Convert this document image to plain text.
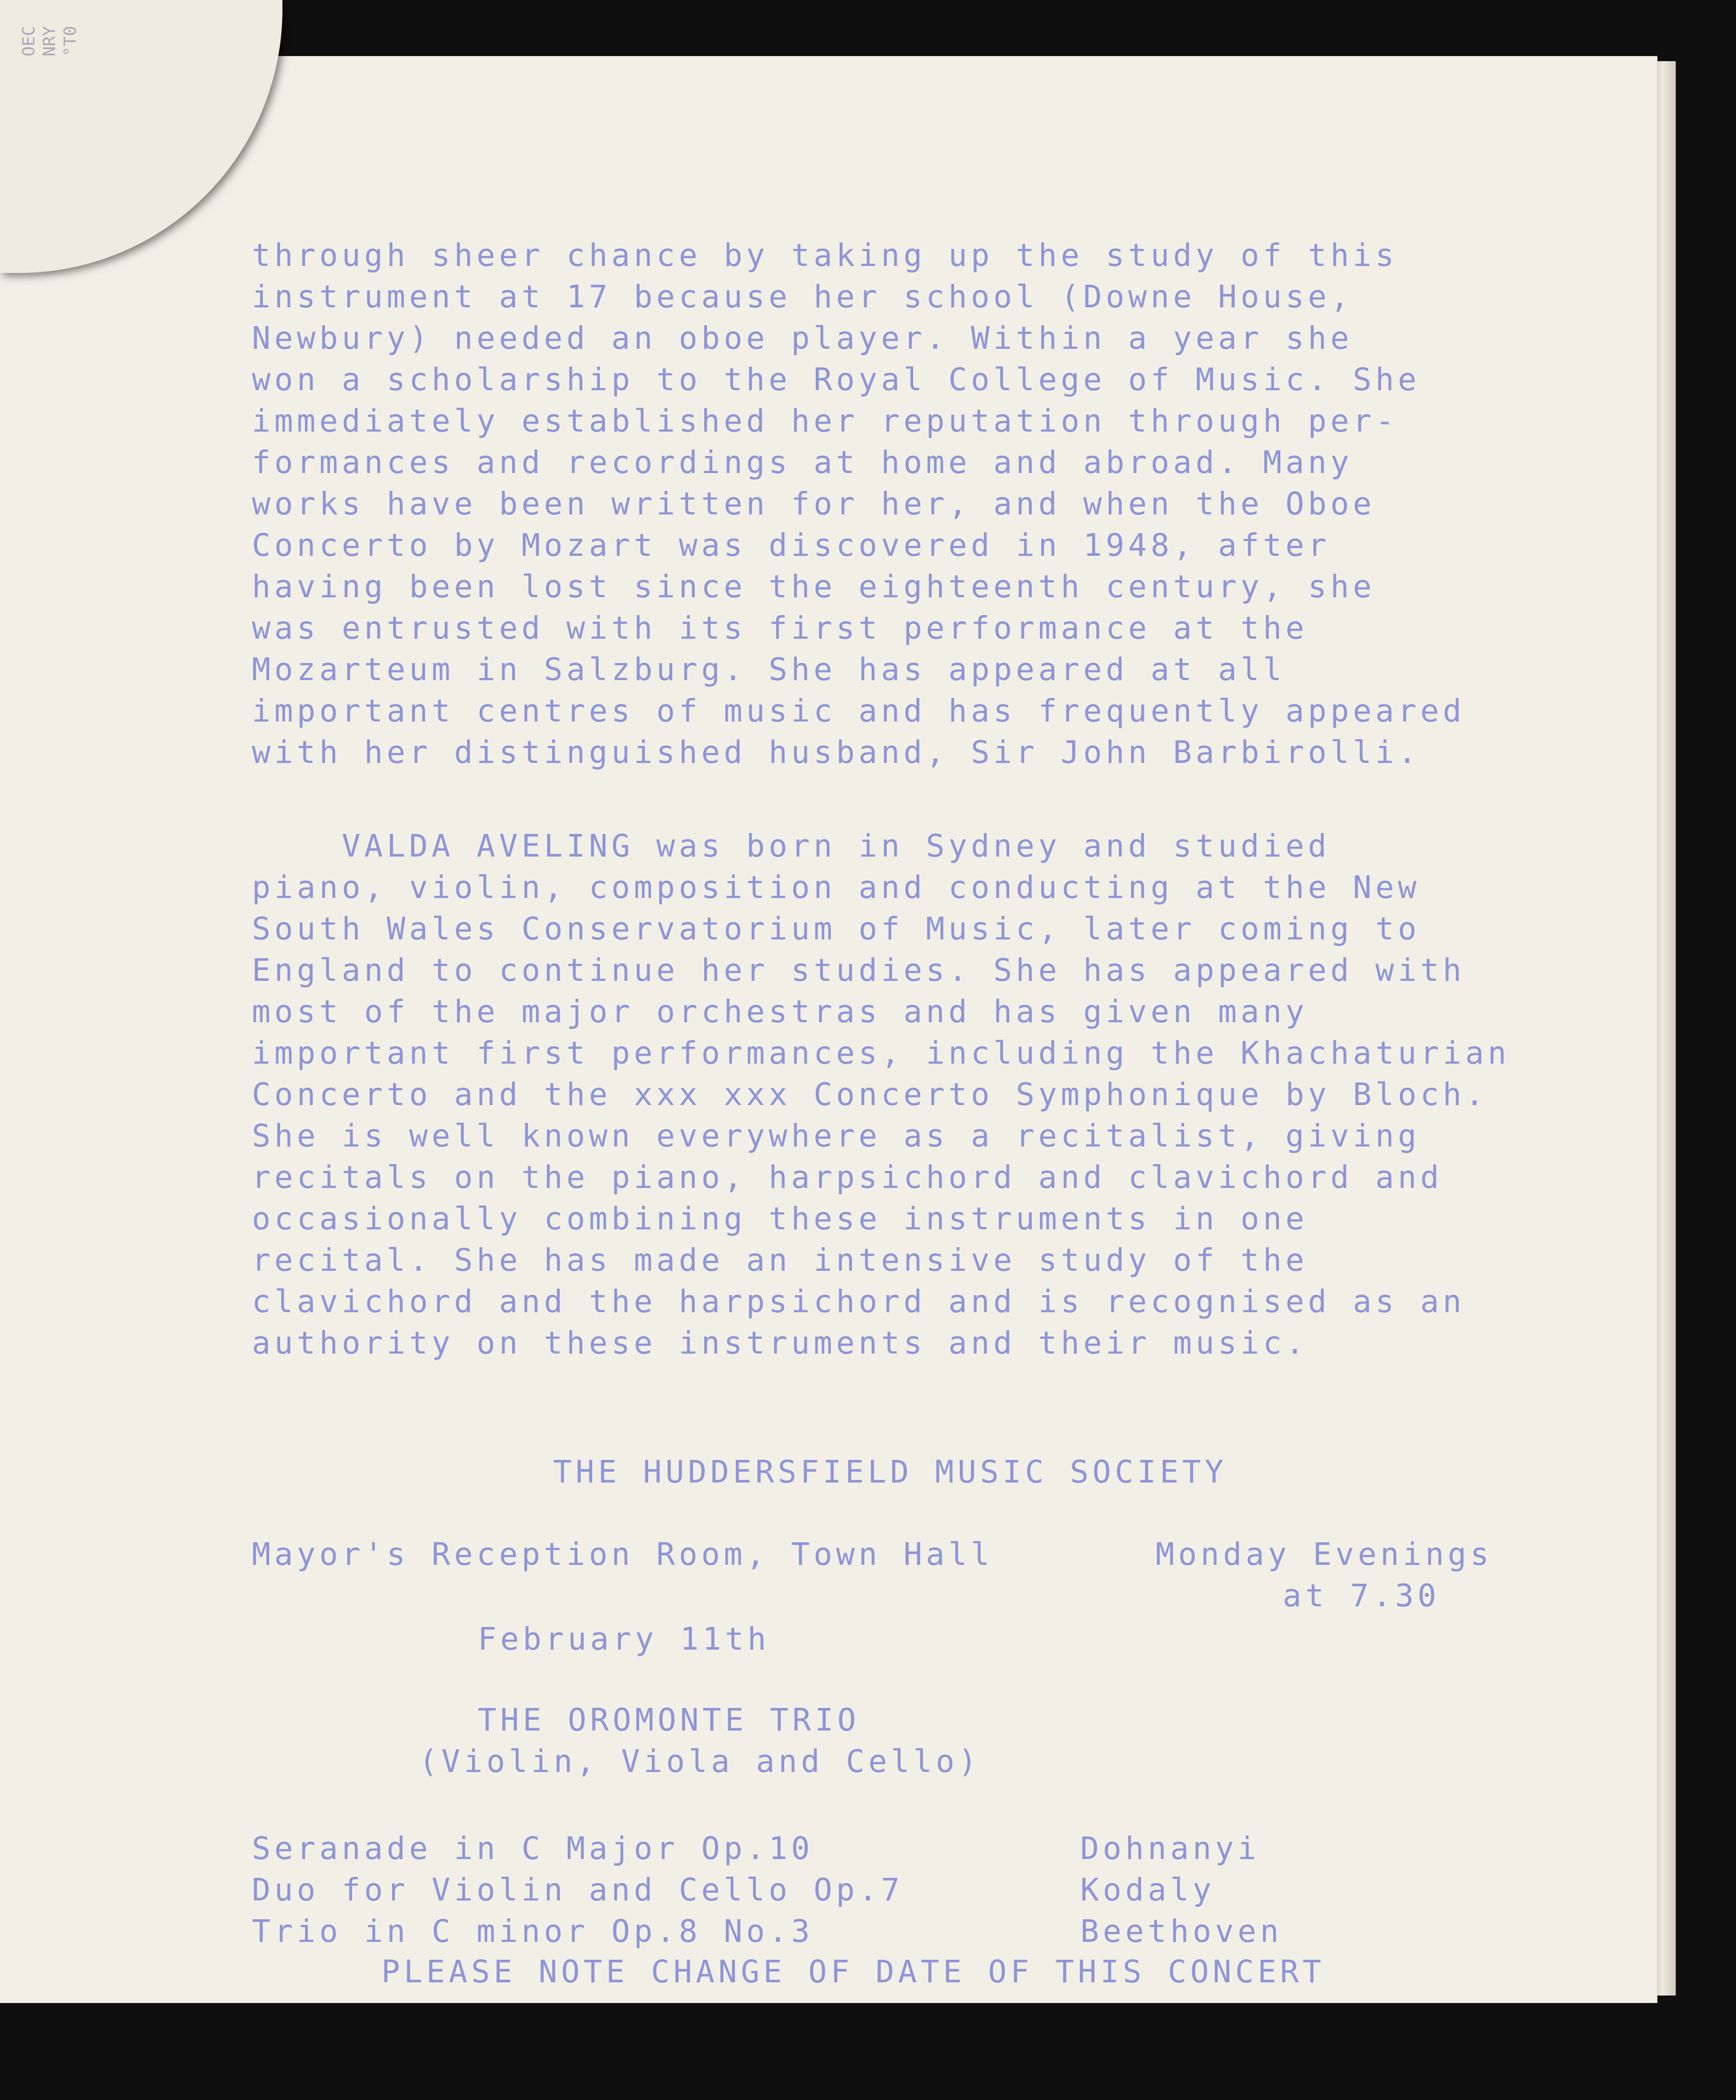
OEC NRY °T0

through sheer chance by taking up the study of this

instrument at 17 because her school (Downe House,

Newbury) needed an oboe player. Within a year she

won a scholarship to the Royal College of Music. She

immediately established her reputation through per-

formances and recordings at home and abroad. Many

works have been written for her, and when the Oboe

Concerto by Mozart was discovered in 1948, after

having been lost since the eighteenth century, she

was entrusted with its first performance at the

Mozarteum in Salzburg. She has appeared at all

important centres of music and has frequently appeared

with her distinguished husband, Sir John Barbirolli.

VALDA AVELING was born in Sydney and studied

piano, violin, composition and conducting at the New

South Wales Conservatorium of Music, later coming to

England to continue her studies. She has appeared with

most of the major orchestras and has given many

important first performances, including the Khachaturian

Concerto and the xxx xxx Concerto Symphonique by Bloch.

She is well known everywhere as a recitalist, giving

recitals on the piano, harpsichord and clavichord and

occasionally combining these instruments in one

recital. She has made an intensive study of the

clavichord and the harpsichord and is recognised as an

authority on these instruments and their music.

THE HUDDERSFIELD MUSIC SOCIETY

Mayor's Reception Room, Town Hall

	Monday Evenings

at 7.30

February 11th

THE OROMONTE TRIO

(Violin, Viola and Cello)

Seranade in C Major Op.10

Duo for Violin and Cello Op.7

Trio in C minor Op.8 No.3

Dohnanyi

Kodaly

Beethoven

PLEASE NOTE CHANGE OF DATE OF THIS CONCERT
